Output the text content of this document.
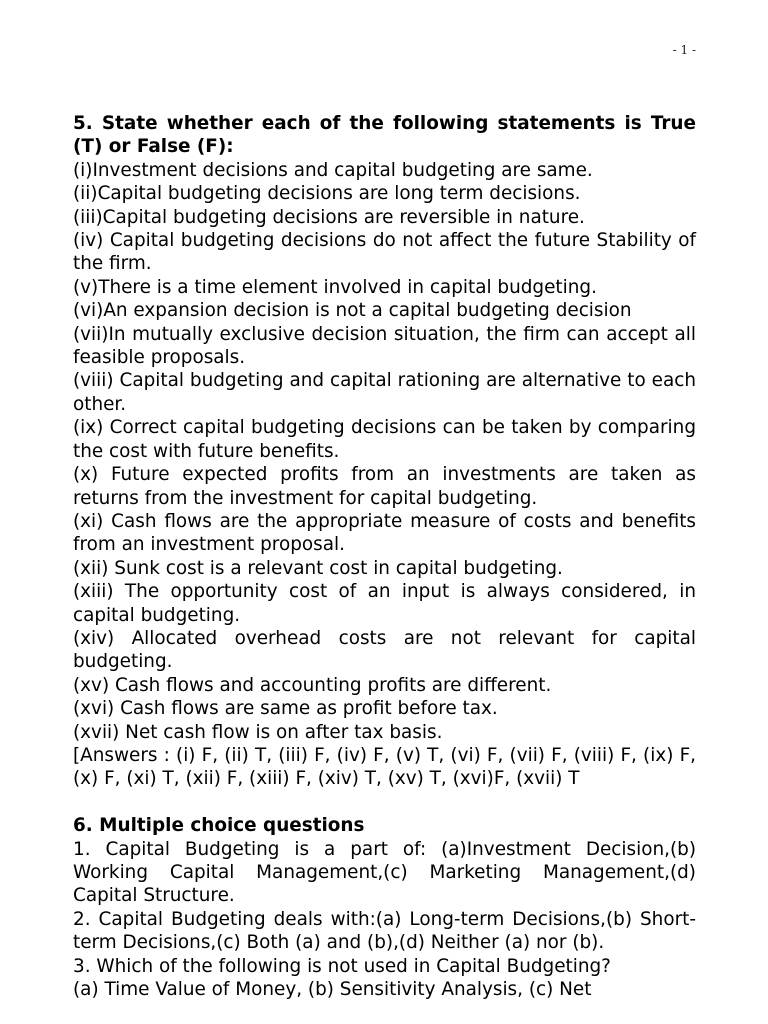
- 1 -

5. State whether each of the following statements is True (T) or False (F):

(i)Investment decisions and capital budgeting are same.

(ii)Capital budgeting decisions are long term decisions.

(iii)Capital budgeting decisions are reversible in nature.

(iv) Capital budgeting decisions do not affect the future Stability of the firm.

(v)There is a time element involved in capital budgeting.

(vi)An expansion decision is not a capital budgeting decision

(vii)In mutually exclusive decision situation, the firm can accept all feasible proposals.

(viii) Capital budgeting and capital rationing are alternative to each other.

(ix) Correct capital budgeting decisions can be taken by comparing the cost with future benefits.

(x) Future expected profits from an investments are taken as returns from the investment for capital budgeting.

(xi) Cash flows are the appropriate measure of costs and benefits from an investment proposal.

(xii) Sunk cost is a relevant cost in capital budgeting.

(xiii) The opportunity cost of an input is always considered, in capital budgeting.

(xiv) Allocated overhead costs are not relevant for capital budgeting.

(xv) Cash flows and accounting profits are different.

(xvi) Cash flows are same as profit before tax.

(xvii) Net cash flow is on after tax basis.

[Answers : (i) F, (ii) T, (iii) F, (iv) F, (v) T, (vi) F, (vii) F, (viii) F, (ix) F, (x) F, (xi) T, (xii) F, (xiii) F, (xiv) T, (xv) T, (xvi)F, (xvii) T

6. Multiple choice questions

1. Capital Budgeting is a part of: (a)Investment Decision,(b) Working Capital Management,(c) Marketing Management,(d) Capital Structure.

2. Capital Budgeting deals with:(a) Long-term Decisions,(b) Short-term Decisions,(c) Both (a) and (b),(d) Neither (a) nor (b).

3. Which of the following is not used in Capital Budgeting?

(a) Time Value of Money, (b) Sensitivity Analysis, (c) Net
